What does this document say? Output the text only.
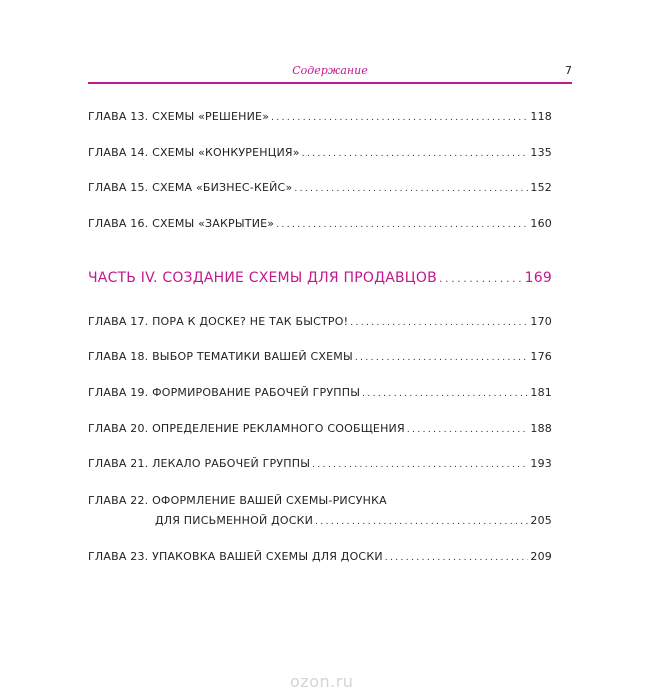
Содержание	7
ГЛАВА 13. СХЕМЫ «РЕШЕНИЕ» .....	118
ГЛАВА 14. СХЕМЫ «КОНКУРЕНЦИЯ» .....	135
ГЛАВА 15. СХЕМА «БИЗНЕС-КЕЙС» .....	152
ГЛАВА 16. СХЕМЫ «ЗАКРЫТИЕ» .....	160
ЧАСТЬ IV. СОЗДАНИЕ СХЕМЫ ДЛЯ ПРОДАВЦОВ .....	169
ГЛАВА 17. ПОРА К ДОСКЕ? НЕ ТАК БЫСТРО! .....	170
ГЛАВА 18. ВЫБОР ТЕМАТИКИ ВАШЕЙ СХЕМЫ .....	176
ГЛАВА 19. ФОРМИРОВАНИЕ РАБОЧЕЙ ГРУППЫ .....	181
ГЛАВА 20. ОПРЕДЕЛЕНИЕ РЕКЛАМНОГО СООБЩЕНИЯ .....	188
ГЛАВА 21. ЛЕКАЛО РАБОЧЕЙ ГРУППЫ .....	193
ГЛАВА 22. ОФОРМЛЕНИЕ ВАШЕЙ СХЕМЫ-РИСУНКА
ДЛЯ ПИСЬМЕННОЙ ДОСКИ .....	205
ГЛАВА 23. УПАКОВКА ВАШЕЙ СХЕМЫ ДЛЯ ДОСКИ .....	209
ozon.ru
